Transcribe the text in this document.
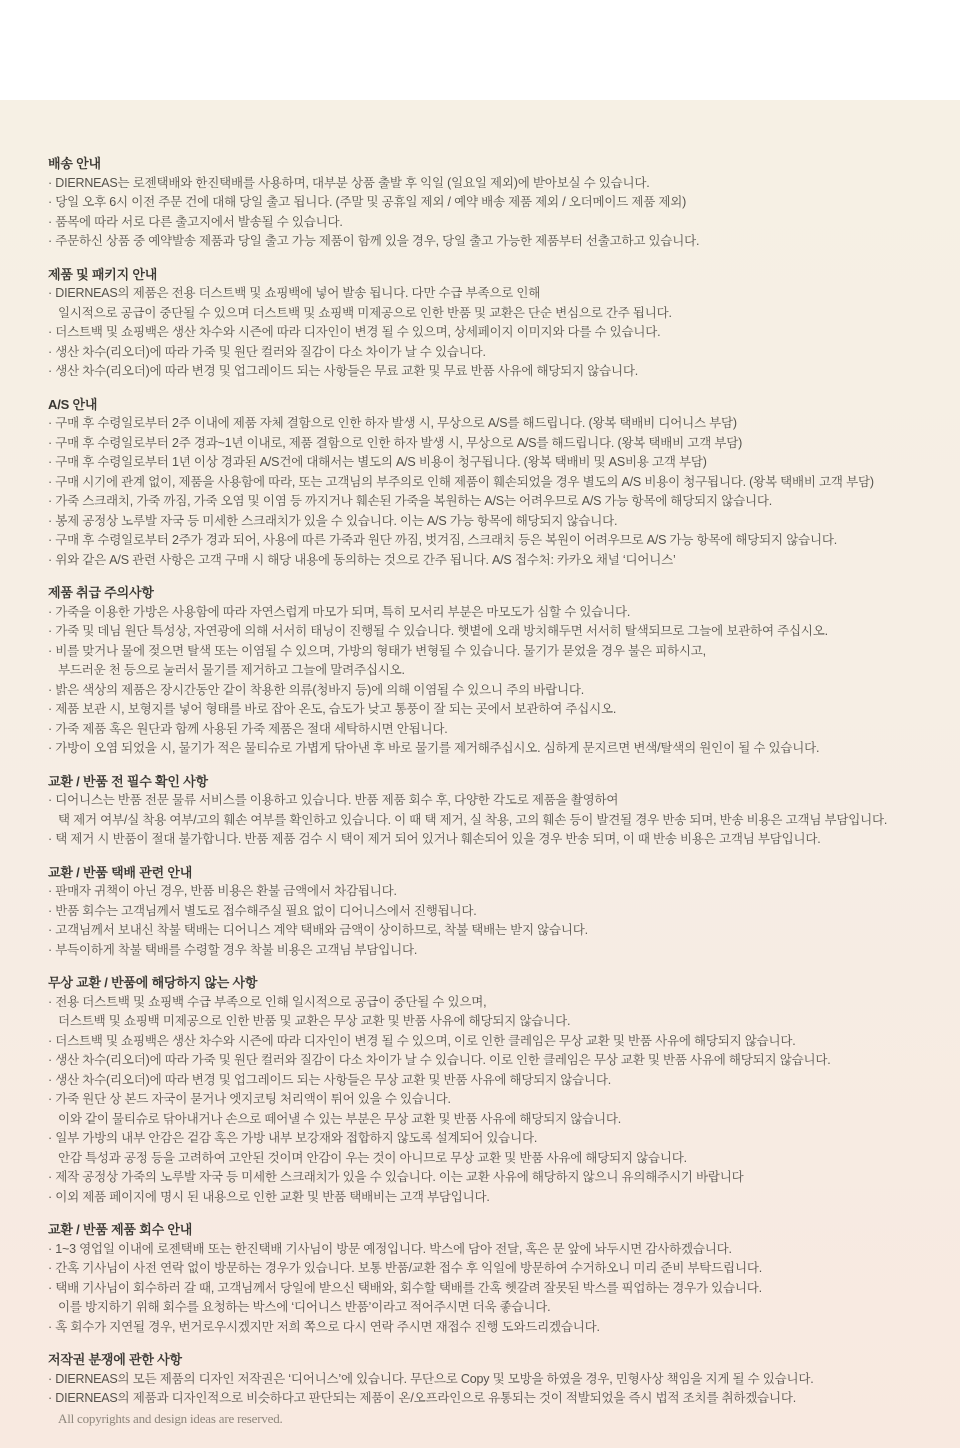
배송 안내

· DIERNEAS는 로젠택배와 한진택배를 사용하며, 대부분 상품 출발 후 익일 (일요일 제외)에 받아보실 수 있습니다.

· 당일 오후 6시 이전 주문 건에 대해 당일 출고 됩니다. (주말 및 공휴일 제외 / 예약 배송 제품 제외 / 오더메이드 제품 제외)

· 품목에 따라 서로 다른 출고지에서 발송될 수 있습니다.

· 주문하신 상품 중 예약발송 제품과 당일 출고 가능 제품이 함께 있을 경우, 당일 출고 가능한 제품부터 선출고하고 있습니다.

제품 및 패키지 안내

· DIERNEAS의 제품은 전용 더스트백 및 쇼핑백에 넣어 발송 됩니다. 다만 수급 부족으로 인해

일시적으로 공급이 중단될 수 있으며 더스트백 및 쇼핑백 미제공으로 인한 반품 및 교환은 단순 변심으로 간주 됩니다.

· 더스트백 및 쇼핑백은 생산 차수와 시즌에 따라 디자인이 변경 될 수 있으며, 상세페이지 이미지와 다를 수 있습니다.

· 생산 차수(리오더)에 따라 가죽 및 원단 컬러와 질감이 다소 차이가 날 수 있습니다.

· 생산 차수(리오더)에 따라 변경 및 업그레이드 되는 사항들은 무료 교환 및 무료 반품 사유에 해당되지 않습니다.

A/S 안내

· 구매 후 수령일로부터 2주 이내에 제품 자체 결함으로 인한 하자 발생 시, 무상으로 A/S를 해드립니다. (왕복 택배비 디어니스 부담)

· 구매 후 수령일로부터 2주 경과~1년 이내로, 제품 결함으로 인한 하자 발생 시, 무상으로 A/S를 해드립니다. (왕복 택배비 고객 부담)

· 구매 후 수령일로부터 1년 이상 경과된 A/S건에 대해서는 별도의 A/S 비용이 청구됩니다. (왕복 택배비 및 AS비용 고객 부담)

· 구매 시기에 관계 없이, 제품을 사용함에 따라, 또는 고객님의 부주의로 인해 제품이 훼손되었을 경우 별도의 A/S 비용이 청구됩니다. (왕복 택배비 고객 부담)

· 가죽 스크래치, 가죽 까짐, 가죽 오염 및 이염 등 까지거나 훼손된 가죽을 복원하는 A/S는 어려우므로 A/S 가능 항목에 해당되지 않습니다.

· 봉제 공정상 노루발 자국 등 미세한 스크래치가 있을 수 있습니다. 이는 A/S 가능 항목에 해당되지 않습니다.

· 구매 후 수령일로부터 2주가 경과 되어, 사용에 따른 가죽과 원단 까짐, 벗겨짐, 스크래치 등은 복원이 어려우므로 A/S 가능 항목에 해당되지 않습니다.

· 위와 같은 A/S 관련 사항은 고객 구매 시 해당 내용에 동의하는 것으로 간주 됩니다. A/S 접수처: 카카오 채널 ‘디어니스’

제품 취급 주의사항

· 가죽을 이용한 가방은 사용함에 따라 자연스럽게 마모가 되며, 특히 모서리 부분은 마모도가 심할 수 있습니다.

· 가죽 및 데님 원단 특성상, 자연광에 의해 서서히 태닝이 진행될 수 있습니다. 햇볕에 오래 방치해두면 서서히 탈색되므로 그늘에 보관하여 주십시오.

· 비를 맞거나 물에 젖으면 탈색 또는 이염될 수 있으며, 가방의 형태가 변형될 수 있습니다. 물기가 묻었을 경우 불은 피하시고,

부드러운 천 등으로 눌러서 물기를 제거하고 그늘에 말려주십시오.

· 밝은 색상의 제품은 장시간동안 같이 착용한 의류(청바지 등)에 의해 이염될 수 있으니 주의 바랍니다.

· 제품 보관 시, 보형지를 넣어 형태를 바로 잡아 온도, 습도가 낮고 통풍이 잘 되는 곳에서 보관하여 주십시오.

· 가죽 제품 혹은 원단과 함께 사용된 가죽 제품은 절대 세탁하시면 안됩니다.

· 가방이 오염 되었을 시, 물기가 적은 물티슈로 가볍게 닦아낸 후 바로 물기를 제거해주십시오. 심하게 문지르면 변색/탈색의 원인이 될 수 있습니다.

교환 / 반품 전 필수 확인 사항

· 디어니스는 반품 전문 물류 서비스를 이용하고 있습니다. 반품 제품 회수 후, 다양한 각도로 제품을 촬영하여

택 제거 여부/실 착용 여부/고의 훼손 여부를 확인하고 있습니다. 이 때 택 제거, 실 착용, 고의 훼손 등이 발견될 경우 반송 되며, 반송 비용은 고객님 부담입니다.

· 택 제거 시 반품이 절대 불가합니다. 반품 제품 검수 시 택이 제거 되어 있거나 훼손되어 있을 경우 반송 되며, 이 때 반송 비용은 고객님 부담입니다.

교환 / 반품 택배 관련 안내

· 판매자 귀책이 아닌 경우, 반품 비용은 환불 금액에서 차감됩니다.

· 반품 회수는 고객님께서 별도로 접수해주실 필요 없이 디어니스에서 진행됩니다.

· 고객님께서 보내신 착불 택배는 디어니스 계약 택배와 금액이 상이하므로, 착불 택배는 받지 않습니다.

· 부득이하게 착불 택배를 수령할 경우 착불 비용은 고객님 부담입니다.

무상 교환 / 반품에 해당하지 않는 사항

· 전용 더스트백 및 쇼핑백 수급 부족으로 인해 일시적으로 공급이 중단될 수 있으며,

더스트백 및 쇼핑백 미제공으로 인한 반품 및 교환은 무상 교환 및 반품 사유에 해당되지 않습니다.

· 더스트백 및 쇼핑백은 생산 차수와 시즌에 따라 디자인이 변경 될 수 있으며, 이로 인한 클레임은 무상 교환 및 반품 사유에 해당되지 않습니다.

· 생산 차수(리오더)에 따라 가죽 및 원단 컬러와 질감이 다소 차이가 날 수 있습니다. 이로 인한 클레임은 무상 교환 및 반품 사유에 해당되지 않습니다.

· 생산 차수(리오더)에 따라 변경 및 업그레이드 되는 사항들은 무상 교환 및 반품 사유에 해당되지 않습니다.

· 가죽 원단 상 본드 자국이 묻거나 엣지코팅 처리액이 튀어 있을 수 있습니다.

이와 같이 물티슈로 닦아내거나 손으로 떼어낼 수 있는 부분은 무상 교환 및 반품 사유에 해당되지 않습니다.

· 일부 가방의 내부 안감은 겉감 혹은 가방 내부 보강재와 접합하지 않도록 설계되어 있습니다.

안감 특성과 공정 등을 고려하여 고안된 것이며 안감이 우는 것이 아니므로 무상 교환 및 반품 사유에 해당되지 않습니다.

· 제작 공정상 가죽의 노루발 자국 등 미세한 스크래치가 있을 수 있습니다. 이는 교환 사유에 해당하지 않으니 유의해주시기 바랍니다

· 이외 제품 페이지에 명시 된 내용으로 인한 교환 및 반품 택배비는 고객 부담입니다.

교환 / 반품 제품 회수 안내

· 1~3 영업일 이내에 로젠택배 또는 한진택배 기사님이 방문 예정입니다. 박스에 담아 전달, 혹은 문 앞에 놔두시면 감사하겠습니다.

· 간혹 기사님이 사전 연락 없이 방문하는 경우가 있습니다. 보통 반품/교환 접수 후 익일에 방문하여 수거하오니 미리 준비 부탁드립니다.

· 택배 기사님이 회수하러 갈 때, 고객님께서 당일에 받으신 택배와, 회수할 택배를 간혹 헷갈려 잘못된 박스를 픽업하는 경우가 있습니다.

이를 방지하기 위해 회수를 요청하는 박스에 ‘디어니스 반품’이라고 적어주시면 더욱 좋습니다.

· 혹 회수가 지연될 경우, 번거로우시겠지만 저희 쪽으로 다시 연락 주시면 재접수 진행 도와드리겠습니다.

저작권 분쟁에 관한 사항

· DIERNEAS의 모든 제품의 디자인 저작권은 ‘디어니스’에 있습니다. 무단으로 Copy 및 모방을 하였을 경우, 민형사상 책임을 지게 될 수 있습니다.

· DIERNEAS의 제품과 디자인적으로 비슷하다고 판단되는 제품이 온/오프라인으로 유통되는 것이 적발되었을 즉시 법적 조치를 취하겠습니다.

All copyrights and design ideas are reserved.
